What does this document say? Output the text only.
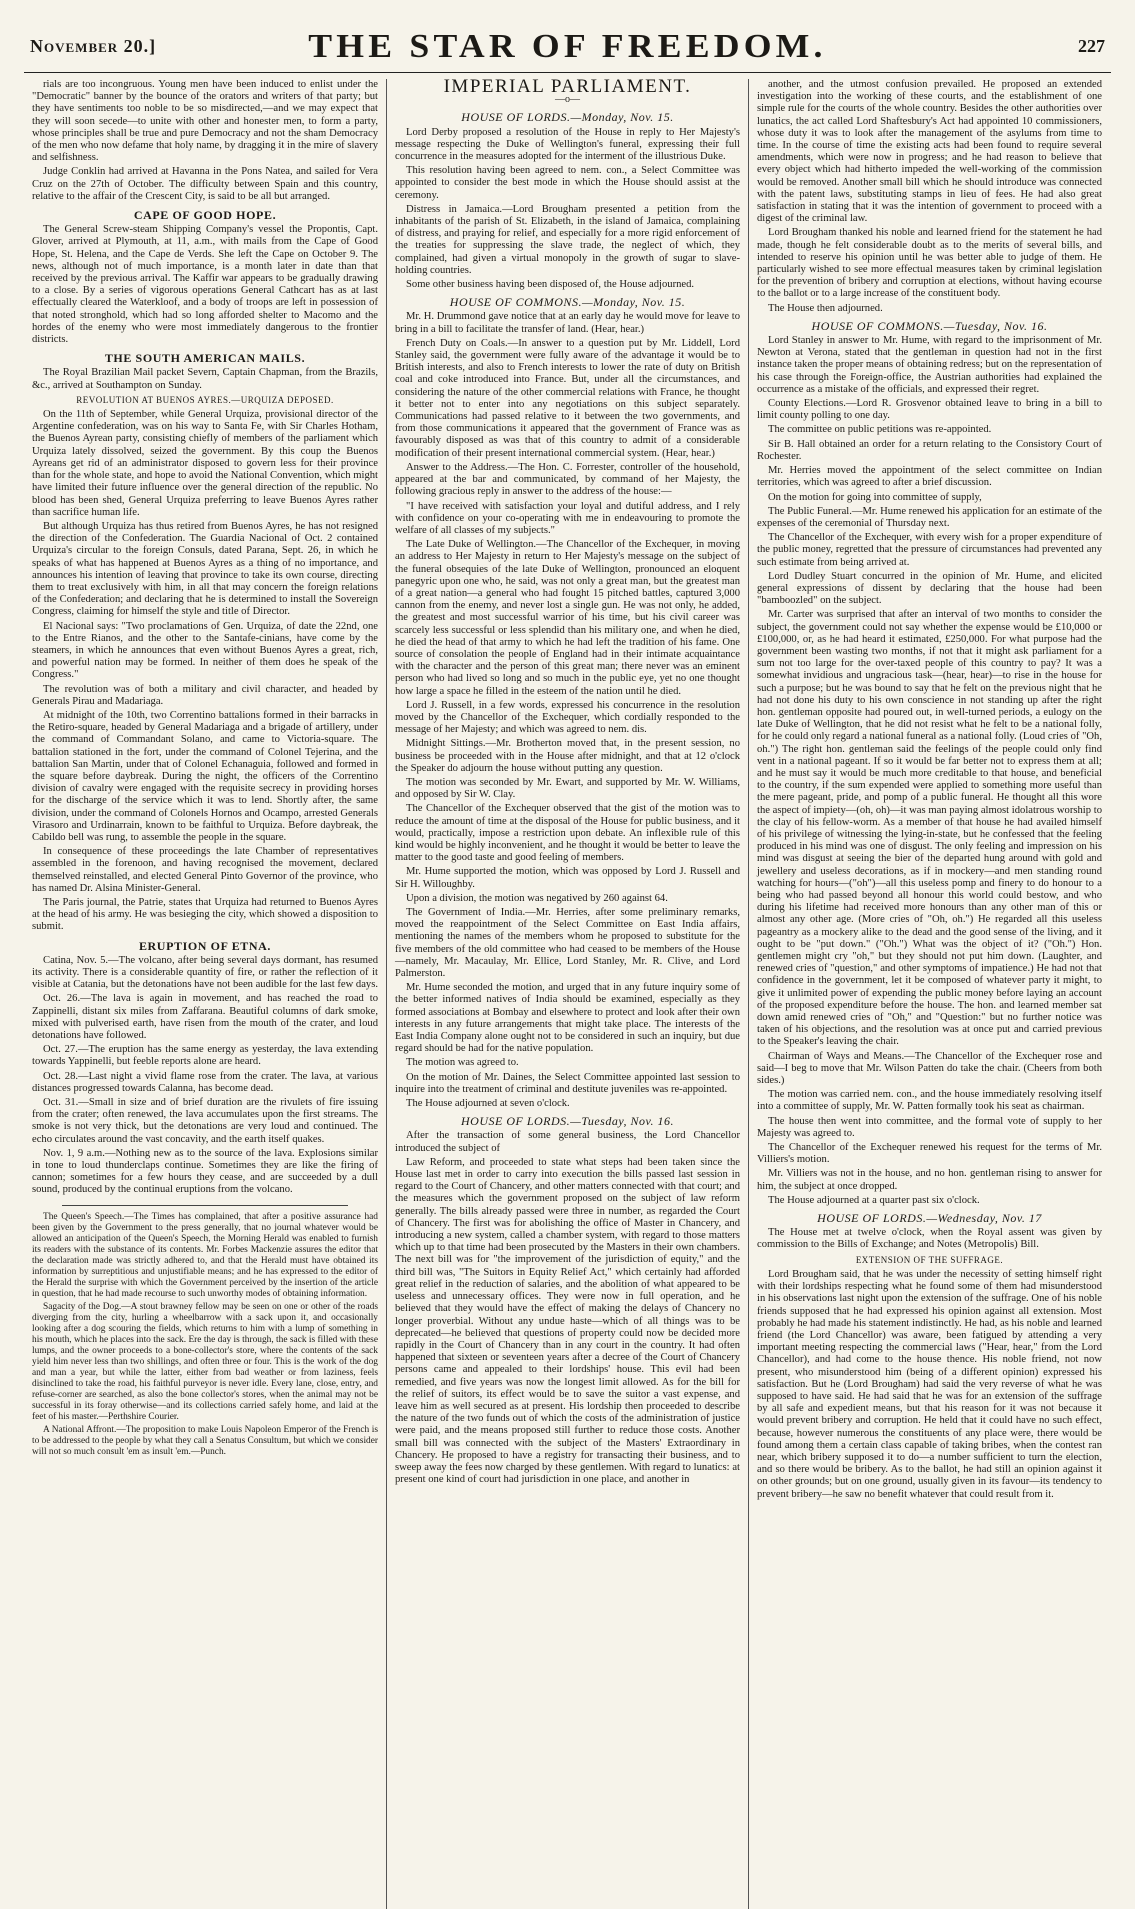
November 20.]	THE STAR OF FREEDOM.	227

rials are too incongruous. Young men have been induced to enlist under the "Democratic" banner by the bounce of the orators and writers of that party; but they have sentiments too noble to be so misdirected,—and we may expect that they will soon secede—to unite with other and honester men, to form a party, whose principles shall be true and pure Democracy and not the sham Democracy of the men who now defame that holy name, by dragging it in the mire of slavery and selfishness.

Judge Conklin had arrived at Havanna in the Pons Natea, and sailed for Vera Cruz on the 27th of October. The difficulty between Spain and this country, relative to the affair of the Crescent City, is said to be all but arranged.

CAPE OF GOOD HOPE.

The General Screw-steam Shipping Company's vessel the Propontis, Capt. Glover, arrived at Plymouth, at 11, a.m., with mails from the Cape of Good Hope, St. Helena, and the Cape de Verds. She left the Cape on October 9. The news, although not of much importance, is a month later in date than that received by the previous arrival. The Kaffir war appears to be gradually drawing to a close. By a series of vigorous operations General Cathcart has as at last effectually cleared the Waterkloof, and a body of troops are left in possession of that noted stronghold, which had so long afforded shelter to Macomo and the hordes of the enemy who were most immediately dangerous to the frontier districts.

THE SOUTH AMERICAN MAILS.

The Royal Brazilian Mail packet Severn, Captain Chapman, from the Brazils, &c., arrived at Southampton on Sunday.

REVOLUTION AT BUENOS AYRES.—URQUIZA DEPOSED.

On the 11th of September, while General Urquiza, provisional director of the Argentine confederation, was on his way to Santa Fe, with Sir Charles Hotham, the Buenos Ayrean party, consisting chiefly of members of the parliament which Urquiza lately dissolved, seized the government. By this coup the Buenos Ayreans get rid of an administrator disposed to govern less for their province than for the whole state, and hope to avoid the National Convention, which might have limited their future influence over the general direction of the republic. No blood has been shed, General Urquiza preferring to leave Buenos Ayres rather than sacrifice human life.

But although Urquiza has thus retired from Buenos Ayres, he has not resigned the direction of the Confederation. The Guardia Nacional of Oct. 2 contained Urquiza's circular to the foreign Consuls, dated Parana, Sept. 26, in which he speaks of what has happened at Buenos Ayres as a thing of no importance, and announces his intention of leaving that province to take its own course, directing them to treat exclusively with him, in all that may concern the foreign relations of the Confederation; and declaring that he is determined to install the Sovereign Congress, claiming for himself the style and title of Director.

El Nacional says: "Two proclamations of Gen. Urquiza, of date the 22nd, one to the Entre Rianos, and the other to the Santafe-cinians, have come by the steamers, in which he announces that even without Buenos Ayres a great, rich, and powerful nation may be formed. In neither of them does he speak of the Congress."

The revolution was of both a military and civil character, and headed by Generals Pirau and Madariaga.

At midnight of the 10th, two Correntino battalions formed in their barracks in the Retiro-square, headed by General Madariaga and a brigade of artillery, under the command of Commandant Solano, and came to Victoria-square. The battalion stationed in the fort, under the command of Colonel Tejerina, and the battalion San Martin, under that of Colonel Echanaguia, followed and formed in the square before daybreak. During the night, the officers of the Correntino division of cavalry were engaged with the requisite secrecy in providing horses for the discharge of the service which it was to lend. Shortly after, the same division, under the command of Colonels Hornos and Ocampo, arrested Generals Virasoro and Urdinarrain, known to be faithful to Urquiza. Before daybreak, the Cabildo bell was rung, to assemble the people in the square.

In consequence of these proceedings the late Chamber of representatives assembled in the forenoon, and having recognised the movement, declared themselved reinstalled, and elected General Pinto Governor of the province, who has named Dr. Alsina Minister-General.

The Paris journal, the Patrie, states that Urquiza had returned to Buenos Ayres at the head of his army. He was besieging the city, which showed a disposition to submit.

ERUPTION OF ETNA.

Catina, Nov. 5.—The volcano, after being several days dormant, has resumed its activity. There is a considerable quantity of fire, or rather the reflection of it visible at Catania, but the detonations have not been audible for the last few days.

Oct. 26.—The lava is again in movement, and has reached the road to Zappinelli, distant six miles from Zaffarana. Beautiful columns of dark smoke, mixed with pulverised earth, have risen from the mouth of the crater, and loud detonations have followed.

Oct. 27.—The eruption has the same energy as yesterday, the lava extending towards Yappinelli, but feeble reports alone are heard.

Oct. 28.—Last night a vivid flame rose from the crater. The lava, at various distances progressed towards Calanna, has become dead.

Oct. 31.—Small in size and of brief duration are the rivulets of fire issuing from the crater; often renewed, the lava accumulates upon the first streams. The smoke is not very thick, but the detonations are very loud and continued. The echo circulates around the vast concavity, and the earth itself quakes.

Nov. 1, 9 a.m.—Nothing new as to the source of the lava. Explosions similar in tone to loud thunderclaps continue. Sometimes they are like the firing of cannon; sometimes for a few hours they cease, and are succeeded by a dull sound, produced by the continual eruptions from the volcano.

The Queen's Speech.—The Times has complained, that after a positive assurance had been given by the Government to the press generally, that no journal whatever would be allowed an anticipation of the Queen's Speech, the Morning Herald was enabled to furnish its readers with the substance of its contents. Mr. Forbes Mackenzie assures the editor that the declaration made was strictly adhered to, and that the Herald must have obtained its information by surreptitious and unjustifiable means; and he has expressed to the editor of the Herald the surprise with which the Government perceived by the insertion of the article in question, that he had made recourse to such unworthy modes of obtaining information.

Sagacity of the Dog.—A stout brawney fellow may be seen on one or other of the roads diverging from the city, hurling a wheelbarrow with a sack upon it, and occasionally looking after a dog scouring the fields, which returns to him with a lump of something in his mouth, which he places into the sack. Ere the day is through, the sack is filled with these lumps, and the owner proceeds to a bone-collector's store, where the contents of the sack yield him never less than two shillings, and often three or four. This is the work of the dog and man a year, but while the latter, either from bad weather or from laziness, feels disinclined to take the road, his faithful purveyor is never idle. Every lane, close, entry, and refuse-corner are searched, as also the bone collector's stores, when the animal may not be successful in its foray otherwise—and its collections carried safely home, and laid at the feet of his master.—Perthshire Courier.

A National Affront.—The proposition to make Louis Napoleon Emperor of the French is to be addressed to the people by what they call a Senatus Consultum, but which we consider will not so much consult 'em as insult 'em.—Punch.

IMPERIAL PARLIAMENT.
—o—
HOUSE OF LORDS.—Monday, Nov. 15.

Lord Derby proposed a resolution of the House in reply to Her Majesty's message respecting the Duke of Wellington's funeral, expressing their full concurrence in the measures adopted for the interment of the illustrious Duke.

This resolution having been agreed to nem. con., a Select Committee was appointed to consider the best mode in which the House should assist at the ceremony.

Distress in Jamaica.—Lord Brougham presented a petition from the inhabitants of the parish of St. Elizabeth, in the island of Jamaica, complaining of distress, and praying for relief, and especially for a more rigid enforcement of the treaties for suppressing the slave trade, the neglect of which, they complained, had given a virtual monopoly in the growth of sugar to slave-holding countries.

Some other business having been disposed of, the House adjourned.

HOUSE OF COMMONS.—Monday, Nov. 15.

Mr. H. Drummond gave notice that at an early day he would move for leave to bring in a bill to facilitate the transfer of land. (Hear, hear.)

French Duty on Coals.—In answer to a question put by Mr. Liddell, Lord Stanley said, the government were fully aware of the advantage it would be to British interests, and also to French interests to lower the rate of duty on British coal and coke introduced into France. But, under all the circumstances, and considering the nature of the other commercial relations with France, he thought it better not to enter into any negotiations on this subject separately. Communications had passed relative to it between the two governments, and from those communications it appeared that the government of France was as favourably disposed as was that of this country to admit of a considerable modification of their present international commercial system. (Hear, hear.)

Answer to the Address.—The Hon. C. Forrester, controller of the household, appeared at the bar and communicated, by command of her Majesty, the following gracious reply in answer to the address of the house:—

"I have received with satisfaction your loyal and dutiful address, and I rely with confidence on your co-operating with me in endeavouring to promote the welfare of all classes of my subjects."

The Late Duke of Wellington.—The Chancellor of the Exchequer, in moving an address to Her Majesty in return to Her Majesty's message on the subject of the funeral obsequies of the late Duke of Wellington, pronounced an eloquent panegyric upon one who, he said, was not only a great man, but the greatest man of a great nation—a general who had fought 15 pitched battles, captured 3,000 cannon from the enemy, and never lost a single gun. He was not only, he added, the greatest and most successful warrior of his time, but his civil career was scarcely less successful or less splendid than his military one, and when he died, he died the head of that army to which he had left the tradition of his fame. One source of consolation the people of England had in their intimate acquaintance with the character and the person of this great man; there never was an eminent person who had lived so long and so much in the public eye, yet no one thought how large a space he filled in the esteem of the nation until he died.

Lord J. Russell, in a few words, expressed his concurrence in the resolution moved by the Chancellor of the Exchequer, which cordially responded to the message of her Majesty; and which was agreed to nem. dis.

Midnight Sittings.—Mr. Brotherton moved that, in the present session, no business be proceeded with in the House after midnight, and that at 12 o'clock the Speaker do adjourn the house without putting any question.

The motion was seconded by Mr. Ewart, and supported by Mr. W. Williams, and opposed by Sir W. Clay.

The Chancellor of the Exchequer observed that the gist of the motion was to reduce the amount of time at the disposal of the House for public business, and it would, practically, impose a restriction upon debate. An inflexible rule of this kind would be highly inconvenient, and he thought it would be better to leave the matter to the good taste and good feeling of members.

Mr. Hume supported the motion, which was opposed by Lord J. Russell and Sir H. Willoughby.

Upon a division, the motion was negatived by 260 against 64.

The Government of India.—Mr. Herries, after some preliminary remarks, moved the reappointment of the Select Committee on East India affairs, mentioning the names of the members whom he proposed to substitute for the five members of the old committee who had ceased to be members of the House—namely, Mr. Macaulay, Mr. Ellice, Lord Stanley, Mr. R. Clive, and Lord Palmerston.

Mr. Hume seconded the motion, and urged that in any future inquiry some of the better informed natives of India should be examined, especially as they formed associations at Bombay and elsewhere to protect and look after their own interests in any future arrangements that might take place. The interests of the East India Company alone ought not to be considered in such an inquiry, but due regard should be had for the native population.

The motion was agreed to.

On the motion of Mr. Daines, the Select Committee appointed last session to inquire into the treatment of criminal and destitute juveniles was re-appointed.

The House adjourned at seven o'clock.

HOUSE OF LORDS.—Tuesday, Nov. 16.

After the transaction of some general business, the Lord Chancellor introduced the subject of

Law Reform, and proceeded to state what steps had been taken since the House last met in order to carry into execution the bills passed last session in regard to the Court of Chancery, and other matters connected with that court; and the measures which the government proposed on the subject of law reform generally. The bills already passed were three in number, as regarded the Court of Chancery. The first was for abolishing the office of Master in Chancery, and introducing a new system, called a chamber system, with regard to those matters which up to that time had been prosecuted by the Masters in their own chambers. The next bill was for "the improvement of the jurisdiction of equity," and the third bill was, "The Suitors in Equity Relief Act," which certainly had afforded great relief in the reduction of salaries, and the abolition of what appeared to be useless and unnecessary offices. They were now in full operation, and he believed that they would have the effect of making the delays of Chancery no longer proverbial. Without any undue haste—which of all things was to be deprecated—he believed that questions of property could now be decided more rapidly in the Court of Chancery than in any court in the country. It had often happened that sixteen or seventeen years after a decree of the Court of Chancery persons came and appealed to their lordships' house. This evil had been remedied, and five years was now the longest limit allowed. As for the bill for the relief of suitors, its effect would be to save the suitor a vast expense, and leave him as well secured as at present. His lordship then proceeded to describe the nature of the two funds out of which the costs of the administration of justice were paid, and the means proposed still further to reduce those costs. Another small bill was connected with the subject of the Masters' Extraordinary in Chancery. He proposed to have a registry for transacting their business, and to sweep away the fees now charged by these gentlemen. With regard to lunatics: at present one kind of court had jurisdiction in one place, and another in

another, and the utmost confusion prevailed. He proposed an extended investigation into the working of these courts, and the establishment of one simple rule for the courts of the whole country. Besides the other authorities over lunatics, the act called Lord Shaftesbury's Act had appointed 10 commissioners, whose duty it was to look after the management of the asylums from time to time. In the course of time the existing acts had been found to require several amendments, which were now in progress; and he had reason to believe that every object which had hitherto impeded the well-working of the commission would be removed. Another small bill which he should introduce was connected with the patent laws, substituting stamps in lieu of fees. He had also great satisfaction in stating that it was the intention of government to proceed with a digest of the criminal law.

Lord Brougham thanked his noble and learned friend for the statement he had made, though he felt considerable doubt as to the merits of several bills, and intended to reserve his opinion until he was better able to judge of them. He particularly wished to see more effectual measures taken by criminal legislation for the prevention of bribery and corruption at elections, without having ecourse to the ballot or to a large increase of the constituent body.

The House then adjourned.

HOUSE OF COMMONS.—Tuesday, Nov. 16.

Lord Stanley in answer to Mr. Hume, with regard to the imprisonment of Mr. Newton at Verona, stated that the gentleman in question had not in the first instance taken the proper means of obtaining redress; but on the representation of his case through the Foreign-office, the Austrian authorities had explained the occurrence as a mistake of the officials, and expressed their regret.

County Elections.—Lord R. Grosvenor obtained leave to bring in a bill to limit county polling to one day.

The committee on public petitions was re-appointed.

Sir B. Hall obtained an order for a return relating to the Consistory Court of Rochester.

Mr. Herries moved the appointment of the select committee on Indian territories, which was agreed to after a brief discussion.

On the motion for going into committee of supply,

The Public Funeral.—Mr. Hume renewed his application for an estimate of the expenses of the ceremonial of Thursday next.

The Chancellor of the Exchequer, with every wish for a proper expenditure of the public money, regretted that the pressure of circumstances had prevented any such estimate from being arrived at.

Lord Dudley Stuart concurred in the opinion of Mr. Hume, and elicited general expressions of dissent by declaring that the house had been "bamboozled" on the subject.

Mr. Carter was surprised that after an interval of two months to consider the subject, the government could not say whether the expense would be £10,000 or £100,000, or, as he had heard it estimated, £250,000. For what purpose had the government been wasting two months, if not that it might ask parliament for a sum not too large for the over-taxed people of this country to pay? It was a somewhat invidious and ungracious task—(hear, hear)—to rise in the house for such a purpose; but he was bound to say that he felt on the previous night that he had not done his duty to his own conscience in not standing up after the right hon. gentleman opposite had poured out, in well-turned periods, a eulogy on the late Duke of Wellington, that he did not resist what he felt to be a national folly, for he could only regard a national funeral as a national folly. (Loud cries of "Oh, oh.") The right hon. gentleman said the feelings of the people could only find vent in a national pageant. If so it would be far better not to express them at all; and he must say it would be much more creditable to that house, and beneficial to the country, if the sum expended were applied to something more useful than the mere pageant, pride, and pomp of a public funeral. He thought all this wore the aspect of impiety—(oh, oh)—it was man paying almost idolatrous worship to the clay of his fellow-worm. As a member of that house he had availed himself of his privilege of witnessing the lying-in-state, but he confessed that the feeling produced in his mind was one of disgust. The only feeling and impression on his mind was disgust at seeing the bier of the departed hung around with gold and jewellery and useless decorations, as if in mockery—and men standing round watching for hours—("oh")—all this useless pomp and finery to do honour to a being who had passed beyond all honour this world could bestow, and who during his lifetime had received more honours than any other man of this or almost any other age. (More cries of "Oh, oh.") He regarded all this useless pageantry as a mockery alike to the dead and the good sense of the living, and it ought to be "put down." ("Oh.") What was the object of it? ("Oh.") Hon. gentlemen might cry "oh," but they should not put him down. (Laughter, and renewed cries of "question," and other symptoms of impatience.) He had not that confidence in the government, let it be composed of whatever party it might, to give it unlimited power of expending the public money before laying an account of the proposed expenditure before the house. The hon. and learned member sat down amid renewed cries of "Oh," and "Question:" but no further notice was taken of his objections, and the resolution was at once put and carried previous to the Speaker's leaving the chair.

Chairman of Ways and Means.—The Chancellor of the Exchequer rose and said—I beg to move that Mr. Wilson Patten do take the chair. (Cheers from both sides.)

The motion was carried nem. con., and the house immediately resolving itself into a committee of supply, Mr. W. Patten formally took his seat as chairman.

The house then went into committee, and the formal vote of supply to her Majesty was agreed to.

The Chancellor of the Exchequer renewed his request for the terms of Mr. Villiers's motion.

Mr. Villiers was not in the house, and no hon. gentleman rising to answer for him, the subject at once dropped.

The House adjourned at a quarter past six o'clock.

HOUSE OF LORDS.—Wednesday, Nov. 17

The House met at twelve o'clock, when the Royal assent was given by commission to the Bills of Exchange; and Notes (Metropolis) Bill.

EXTENSION OF THE SUFFRAGE.

Lord Brougham said, that he was under the necessity of setting himself right with their lordships respecting what he found some of them had misunderstood in his observations last night upon the extension of the suffrage. One of his noble friends supposed that he had expressed his opinion against all extension. Most probably he had made his statement indistinctly. He had, as his noble and learned friend (the Lord Chancellor) was aware, been fatigued by attending a very important meeting respecting the commercial laws ("Hear, hear," from the Lord Chancellor), and had come to the house thence. His noble friend, not now present, who misunderstood him (being of a different opinion) expressed his satisfaction. But he (Lord Brougham) had said the very reverse of what he was supposed to have said. He had said that he was for an extension of the suffrage by all safe and expedient means, but that his reason for it was not because it would prevent bribery and corruption. He held that it could have no such effect, because, however numerous the constituents of any place were, there would be found among them a certain class capable of taking bribes, when the contest ran near, which bribery supposed it to do—a number sufficient to turn the election, and so there would be bribery. As to the ballot, he had still an opinion against it on other grounds; but on one ground, usually given in its favour—its tendency to prevent bribery—he saw no benefit whatever that could result from it.
